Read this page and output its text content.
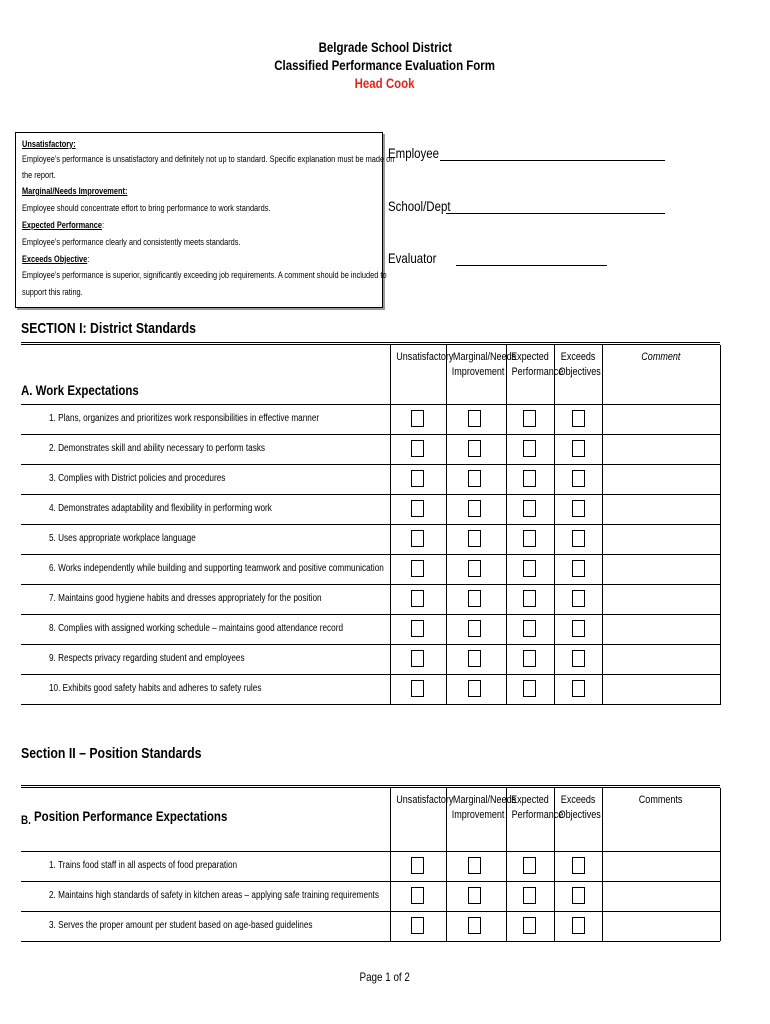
Belgrade School District
Classified Performance Evaluation Form
Head Cook
Unsatisfactory:
Employee’s performance is unsatisfactory and definitely not up to standard. Specific explanation must be made on
the report.
Marginal/Needs Improvement:
Employee should concentrate effort to bring performance to work standards.
Expected Performance:
Employee’s performance clearly and consistently meets standards.
Exceeds Objective:
Employee’s performance is superior, significantly exceeding job requirements. A comment should be included to
support this rating.
Employee
School/Dept
Evaluator
SECTION I: District Standards
Unsatisfactory Marginal/Needs
Improvement
Expected
Performance
Exceeds
Objectives
Comment
A. Work Expectations
1. Plans, organizes and prioritizes work responsibilities in effective manner
2. Demonstrates skill and ability necessary to perform tasks
3. Complies with District policies and procedures
4. Demonstrates adaptability and flexibility in performing work
5. Uses appropriate workplace language
6. Works independently while building and supporting teamwork and positive communication
7. Maintains good hygiene habits and dresses appropriately for the position
8. Complies with assigned working schedule – maintains good attendance record
9. Respects privacy regarding student and employees
10. Exhibits good safety habits and adheres to safety rules
Section II – Position Standards
Unsatisfactory Marginal/Needs
Improvement
Expected
Performance
Exceeds
Objectives
Comments
B. Position Performance Expectations
1. Trains food staff in all aspects of food preparation
2. Maintains high standards of safety in kitchen areas – applying safe training requirements
3. Serves the proper amount per student based on age-based guidelines
Page 1 of 2
